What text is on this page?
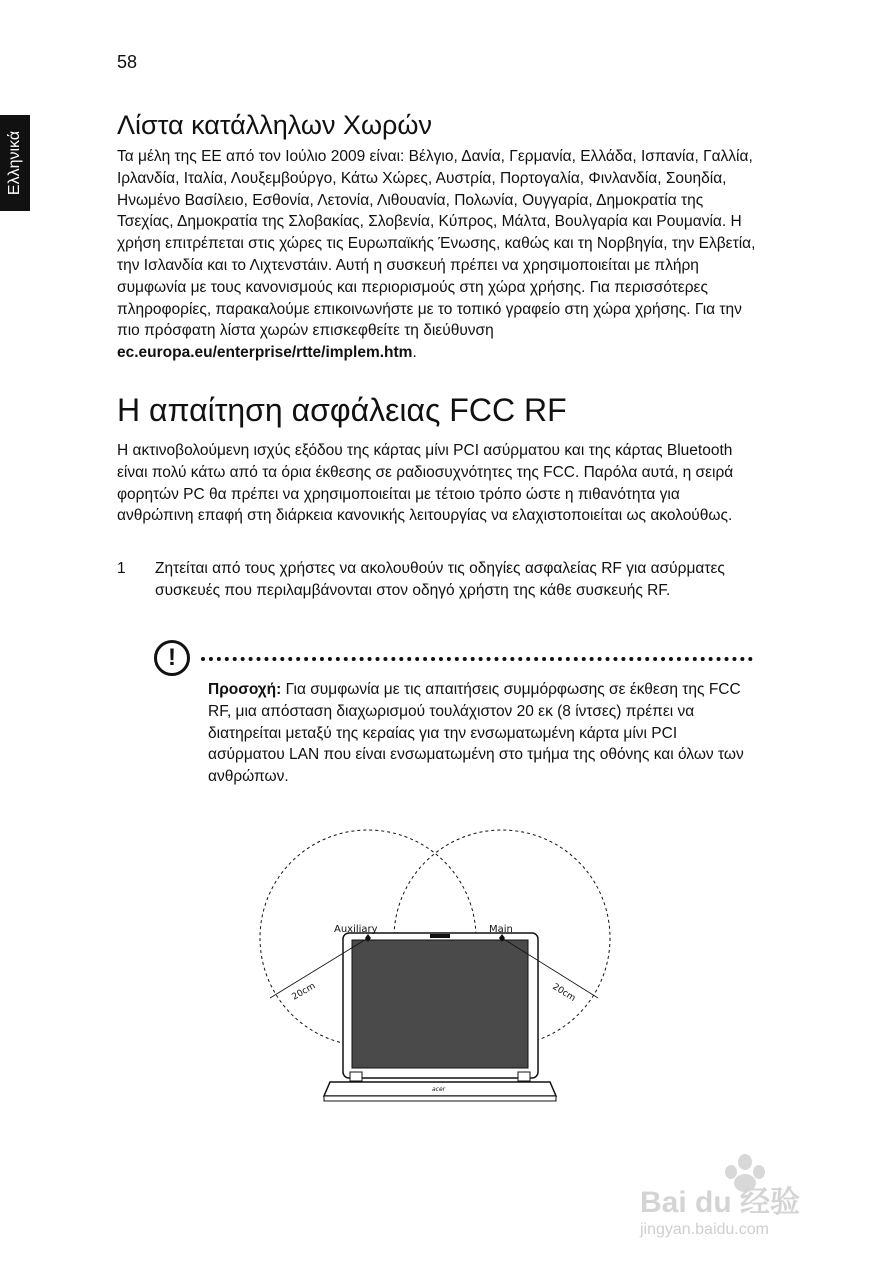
58
Ελληνικά
Λίστα κατάλληλων Χωρών

Τα μέλη της ΕΕ από τον Ιούλιο 2009 είναι: Βέλγιο, Δανία, Γερμανία, Ελλάδα, Ισπανία, Γαλλία, Ιρλανδία, Ιταλία, Λουξεμβούργο, Κάτω Χώρες, Αυστρία, Πορτογαλία, Φινλανδία, Σουηδία, Ηνωμένο Βασίλειο, Εσθονία, Λετονία, Λιθουανία, Πολωνία, Ουγγαρία, Δημοκρατία της Τσεχίας, Δημοκρατία της Σλοβακίας, Σλοβενία, Κύπρος, Μάλτα, Βουλγαρία και Ρουμανία. Η χρήση επιτρέπεται στις χώρες τις Ευρωπαϊκής Ένωσης, καθώς και τη Νορβηγία, την Ελβετία, την Ισλανδία και το Λιχτενστάιν. Αυτή η συσκευή πρέπει να χρησιμοποιείται με πλήρη συμφωνία με τους κανονισμούς και περιορισμούς στη χώρα χρήσης. Για περισσότερες πληροφορίες, παρακαλούμε επικοινωνήστε με το τοπικό γραφείο στη χώρα χρήσης. Για την πιο πρόσφατη λίστα χωρών επισκεφθείτε τη διεύθυνση ec.europa.eu/enterprise/rtte/implem.htm.

Η απαίτηση ασφάλειας FCC RF

Η ακτινοβολούμενη ισχύς εξόδου της κάρτας μίνι PCI ασύρματου και της κάρτας Bluetooth είναι πολύ κάτω από τα όρια έκθεσης σε ραδιοσυχνότητες της FCC. Παρόλα αυτά, η σειρά φορητών PC θα πρέπει να χρησιμοποιείται με τέτοιο τρόπο ώστε η πιθανότητα για ανθρώπινη επαφή στη διάρκεια κανονικής λειτουργίας να ελαχιστοποιείται ως ακολούθως.

1 Ζητείται από τους χρήστες να ακολουθούν τις οδηγίες ασφαλείας RF για ασύρματες συσκευές που περιλαμβάνονται στον οδηγό χρήστη της κάθε συσκευής RF.
!
Προσοχή: Για συμφωνία με τις απαιτήσεις συμμόρφωσης σε έκθεση της FCC RF, μια απόσταση διαχωρισμού τουλάχιστον 20 εκ (8 ίντσες) πρέπει να διατηρείται μεταξύ της κεραίας για την ενσωματωμένη κάρτα μίνι PCI ασύρματου LAN που είναι ενσωματωμένη στο τμήμα της οθόνης και όλων των ανθρώπων.
acer
Auxiliary	Main
20cm	20cm
Bai du 经验
jingyan.baidu.com
